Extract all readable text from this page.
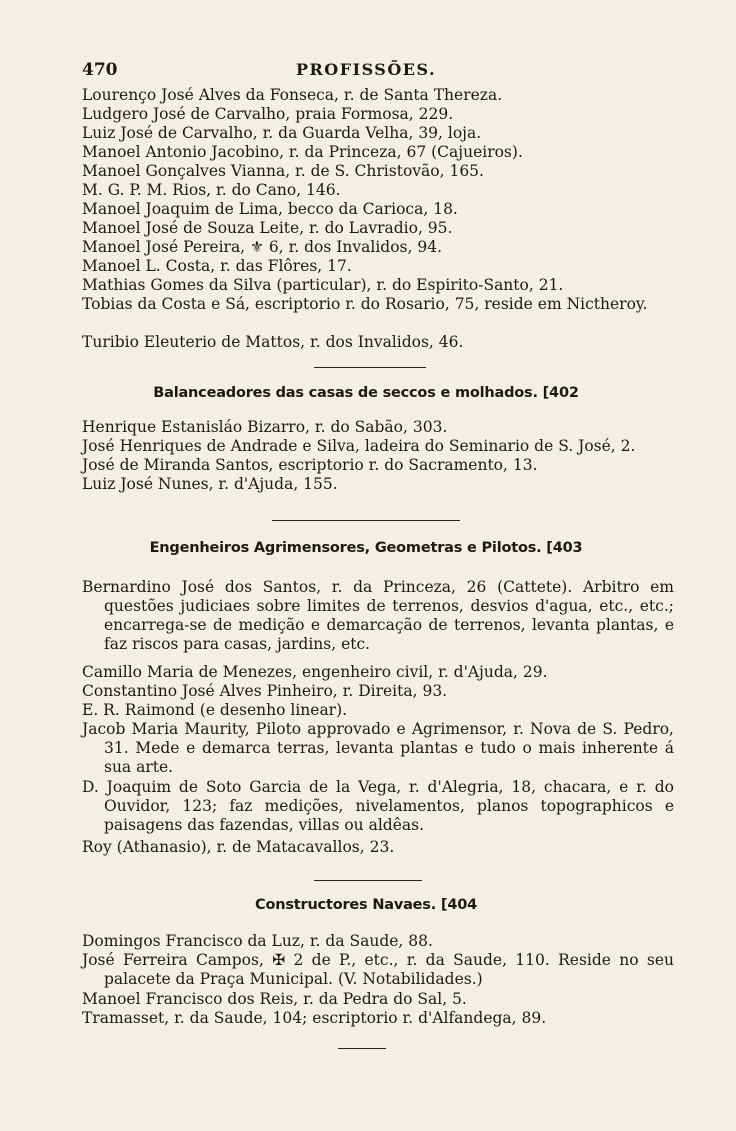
470	PROFISSÕES.
Lourenço José Alves da Fonseca, r. de Santa Thereza.
Ludgero José de Carvalho, praia Formosa, 229.
Luiz José de Carvalho, r. da Guarda Velha, 39, loja.
Manoel Antonio Jacobino, r. da Princeza, 67 (Cajueiros).
Manoel Gonçalves Vianna, r. de S. Christovão, 165.
M. G. P. M. Rios, r. do Cano, 146.
Manoel Joaquim de Lima, becco da Carioca, 18.
Manoel José de Souza Leite, r. do Lavradio, 95.
Manoel José Pereira, ⚜ 6, r. dos Invalidos, 94.
Manoel L. Costa, r. das Flôres, 17.
Mathias Gomes da Silva (particular), r. do Espirito-Santo, 21.
Tobias da Costa e Sá, escriptorio r. do Rosario, 75, reside em Nictheroy.
Turibio Eleuterio de Mattos, r. dos Invalidos, 46.
Balanceadores das casas de seccos e molhados. [402
Henrique Estanisláo Bizarro, r. do Sabão, 303.
José Henriques de Andrade e Silva, ladeira do Seminario de S. José, 2.
José de Miranda Santos, escriptorio r. do Sacramento, 13.
Luiz José Nunes, r. d'Ajuda, 155.
Engenheiros Agrimensores, Geometras e Pilotos. [403
Bernardino José dos Santos, r. da Princeza, 26 (Cattete). Arbitro em questões judiciaes sobre limites de terrenos, desvios d'agua, etc., etc.; encarrega-se de medição e demarcação de terrenos, levanta plantas, e faz riscos para casas, jardins, etc.
Camillo Maria de Menezes, engenheiro civil, r. d'Ajuda, 29.
Constantino José Alves Pinheiro, r. Direita, 93.
E. R. Raimond (e desenho linear).
Jacob Maria Maurity, Piloto approvado e Agrimensor, r. Nova de S. Pedro, 31. Mede e demarca terras, levanta plantas e tudo o mais inherente á sua arte.
D. Joaquim de Soto Garcia de la Vega, r. d'Alegria, 18, chacara, e r. do Ouvidor, 123; faz medições, nivelamentos, planos topographicos e paisagens das fazendas, villas ou aldêas.
Roy (Athanasio), r. de Matacavallos, 23.
Constructores Navaes. [404
Domingos Francisco da Luz, r. da Saude, 88.
José Ferreira Campos, ✠ 2 de P., etc., r. da Saude, 110. Reside no seu palacete da Praça Municipal. (V. Notabilidades.)
Manoel Francisco dos Reis, r. da Pedra do Sal, 5.
Tramasset, r. da Saude, 104; escriptorio r. d'Alfandega, 89.
